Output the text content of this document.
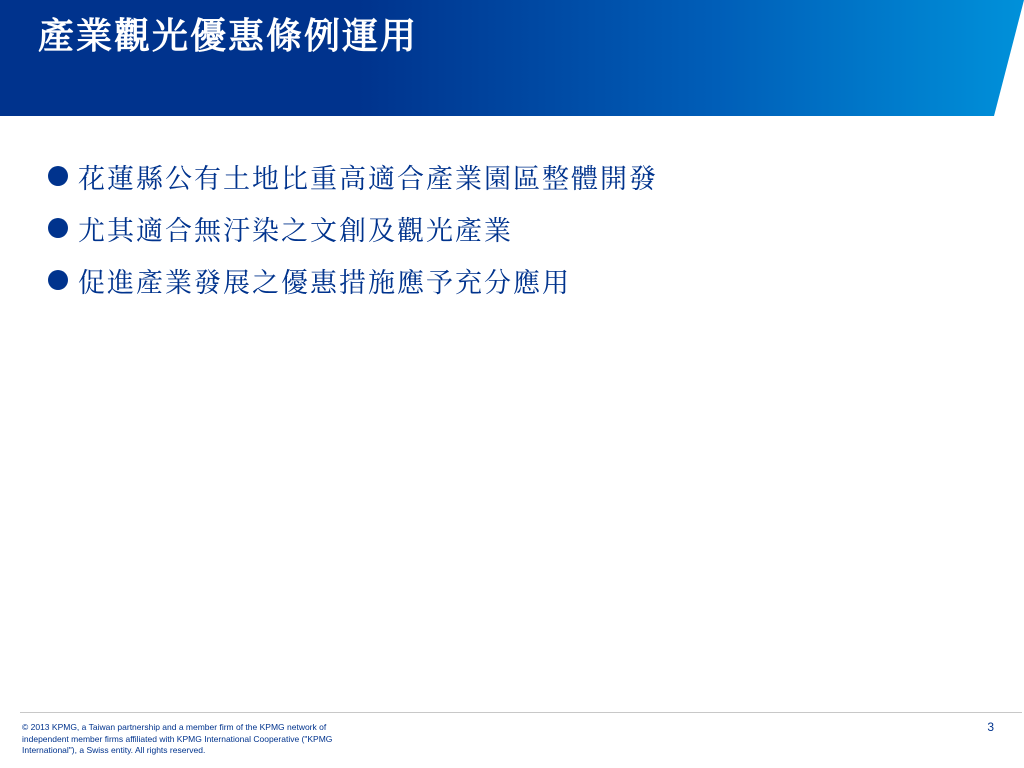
產業觀光優惠條例運用
花蓮縣公有土地比重高適合產業園區整體開發
尤其適合無汙染之文創及觀光產業
促進產業發展之優惠措施應予充分應用
© 2013 KPMG, a Taiwan partnership and a member firm of the KPMG network of independent member firms affiliated with KPMG International Cooperative ("KPMG International"), a Swiss entity. All rights reserved.
3
